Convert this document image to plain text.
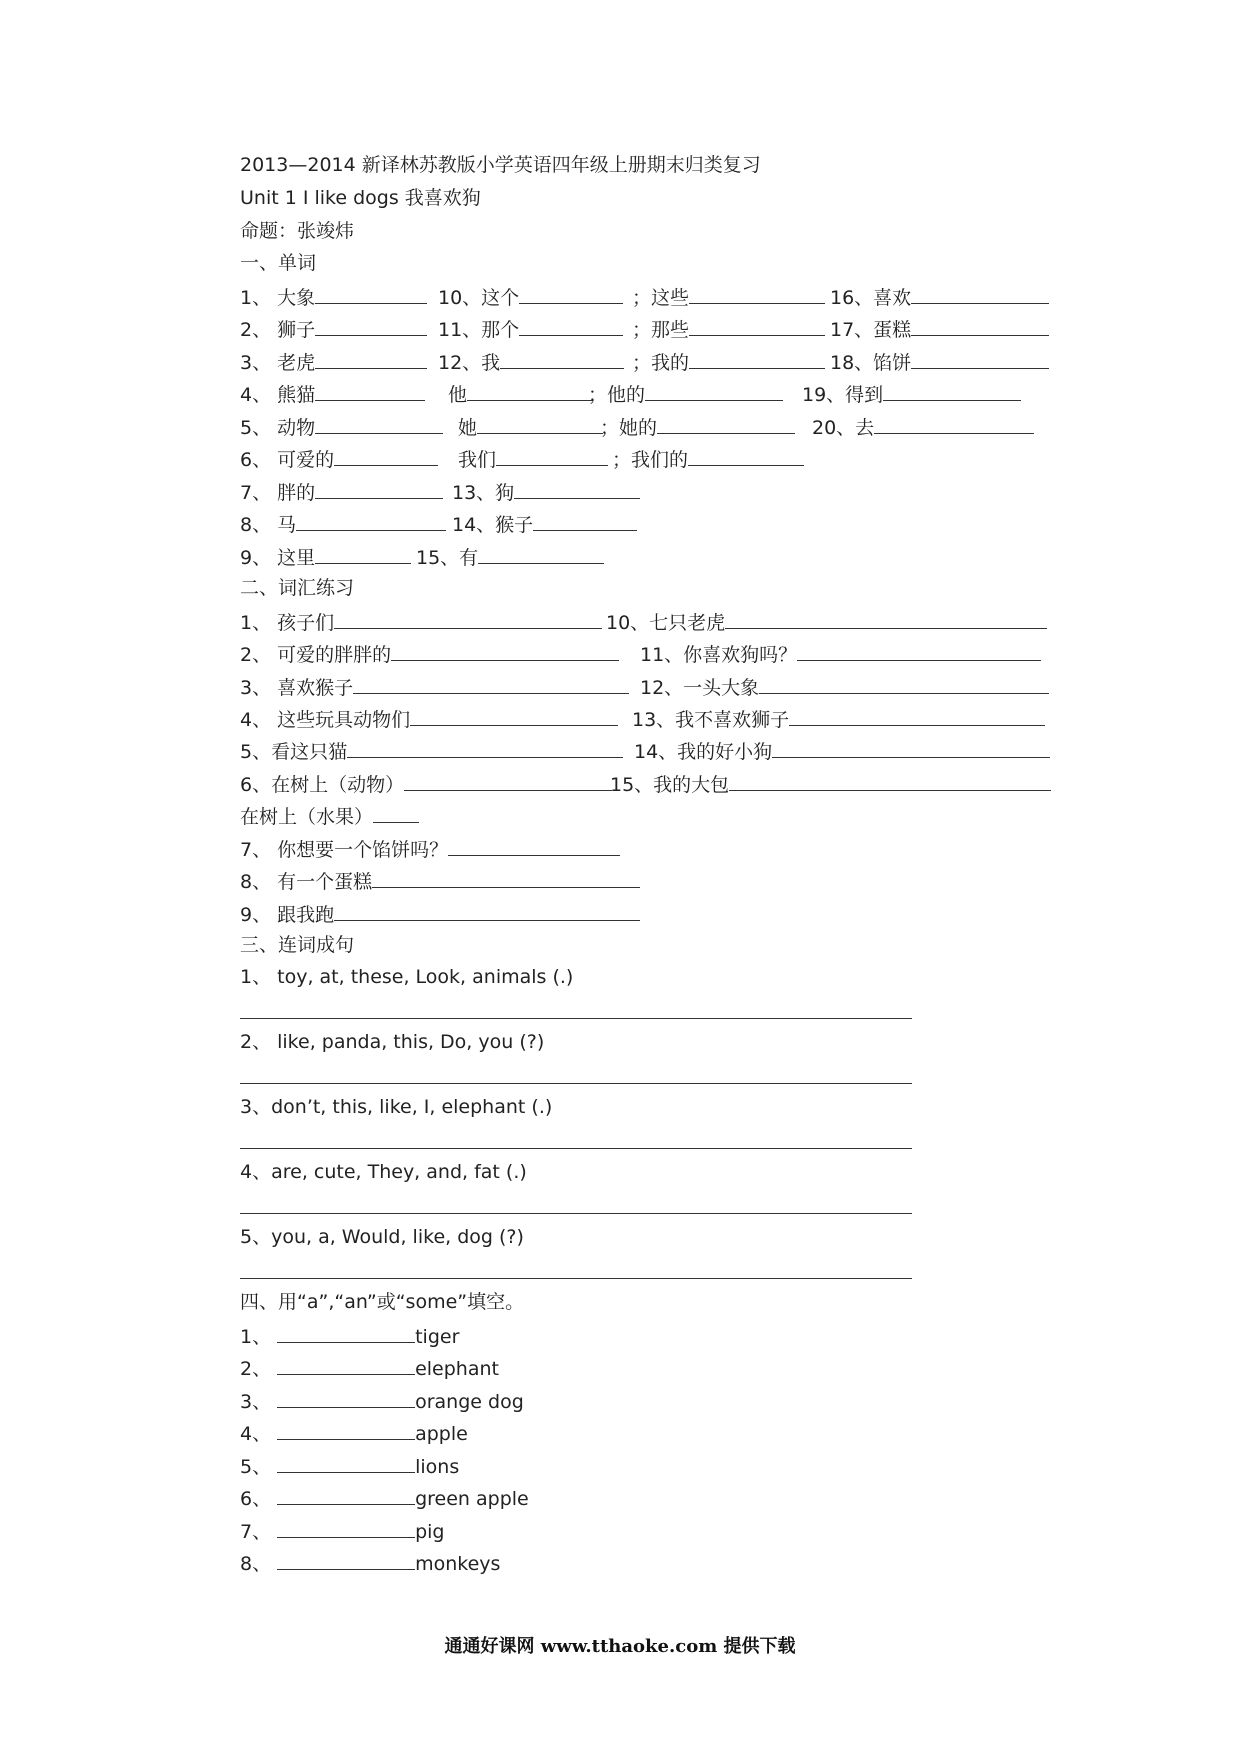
2013—2014 新译林苏教版小学英语四年级上册期末归类复习
Unit 1 I like dogs 我喜欢狗
命题：张竣炜
一、单词
1、 大象	10、这个	；这些	16、喜欢
2、 狮子	11、那个	；那些	17、蛋糕
3、 老虎	12、我	；我的	18、馅饼
4、 熊猫	他	；他的	19、得到
5、 动物	她	；她的	20、去
6、 可爱的	我们	；我们的
7、 胖的	13、狗
8、 马	14、猴子
9、 这里	15、有
二、词汇练习
1、 孩子们	10、七只老虎
2、 可爱的胖胖的	11、你喜欢狗吗？
3、 喜欢猴子	12、一头大象
4、 这些玩具动物们	13、我不喜欢狮子
5、看这只猫	14、我的好小狗
6、在树上（动物）	15、我的大包
在树上（水果）
7、 你想要一个馅饼吗？
8、 有一个蛋糕
9、 跟我跑
三、连词成句
1、 toy, at, these, Look, animals (.)
2、 like, panda, this, Do, you (?)
3、don’t, this, like, I, elephant (.)
4、are, cute, They, and, fat (.)
5、you, a, Would, like, dog (?)
四、用“a”,“an”或“some”填空。
1、	tiger
2、	elephant
3、	orange dog
4、	apple
5、	lions
6、	green apple
7、	pig
8、	monkeys
通通好课网 www.tthaoke.com 提供下载
